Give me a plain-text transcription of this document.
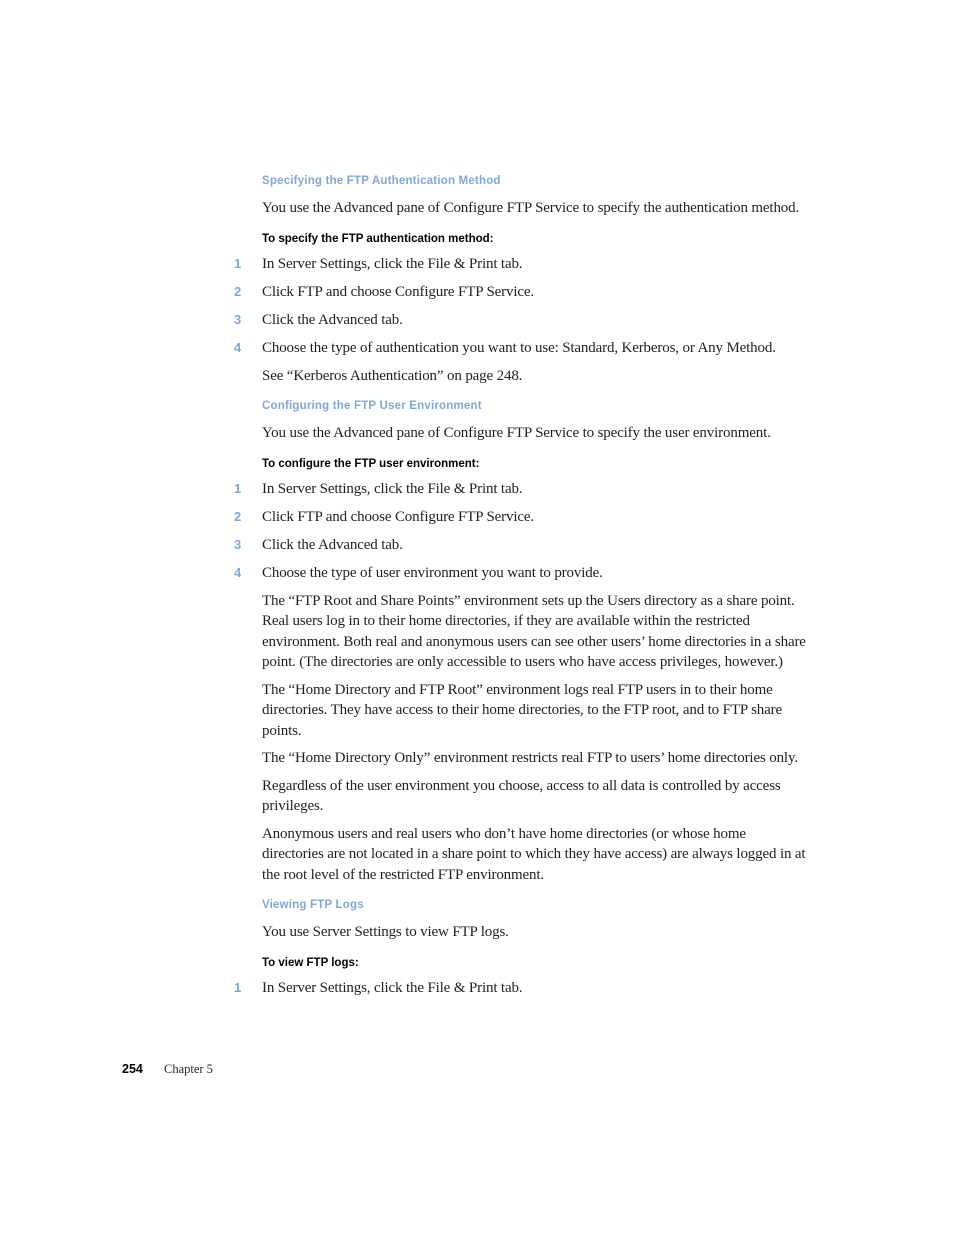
Specifying the FTP Authentication Method

You use the Advanced pane of Configure FTP Service to specify the authentication method.

To specify the FTP authentication method:
1 In Server Settings, click the File & Print tab.
2 Click FTP and choose Configure FTP Service.
3 Click the Advanced tab.
4 Choose the type of authentication you want to use: Standard, Kerberos, or Any Method.

See “Kerberos Authentication” on page 248.

Configuring the FTP User Environment

You use the Advanced pane of Configure FTP Service to specify the user environment.

To configure the FTP user environment:
1 In Server Settings, click the File & Print tab.
2 Click FTP and choose Configure FTP Service.
3 Click the Advanced tab.
4 Choose the type of user environment you want to provide.

The “FTP Root and Share Points” environment sets up the Users directory as a share point. Real users log in to their home directories, if they are available within the restricted environment. Both real and anonymous users can see other users’ home directories in a share point. (The directories are only accessible to users who have access privileges, however.)

The “Home Directory and FTP Root” environment logs real FTP users in to their home directories. They have access to their home directories, to the FTP root, and to FTP share points.

The “Home Directory Only” environment restricts real FTP to users’ home directories only.

Regardless of the user environment you choose, access to all data is controlled by access privileges.

Anonymous users and real users who don’t have home directories (or whose home directories are not located in a share point to which they have access) are always logged in at the root level of the restricted FTP environment.

Viewing FTP Logs

You use Server Settings to view FTP logs.

To view FTP logs:
1 In Server Settings, click the File & Print tab.
254 Chapter 5
